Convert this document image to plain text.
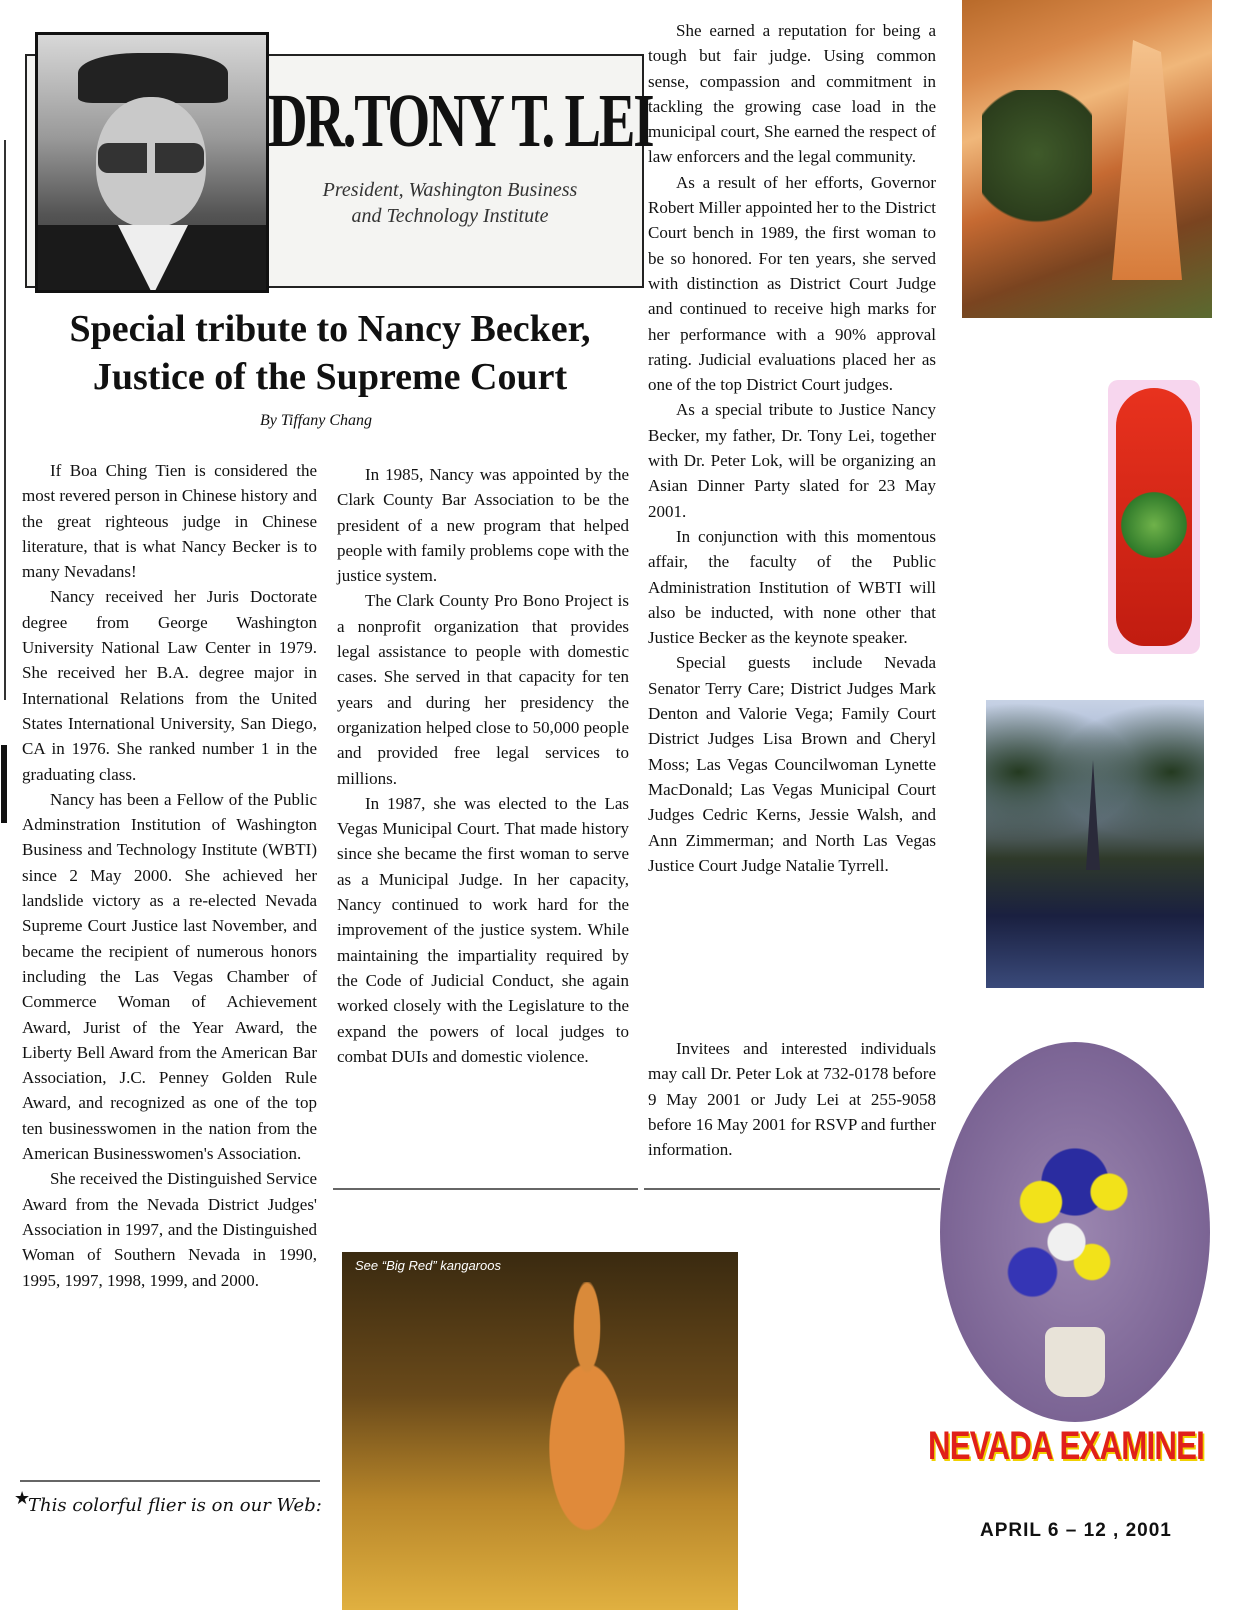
DR.TONY T. LEI
President, Washington Business
and Technology Institute
Special tribute to Nancy Becker,
Justice of the Supreme Court
By Tiffany Chang

If Boa Ching Tien is considered the most revered person in Chinese history and the great righteous judge in Chinese literature, that is what Nancy Becker is to many Nevadans!

Nancy received her Juris Doctorate degree from George Washington University National Law Center in 1979. She received her B.A. degree major in International Relations from the United States International University, San Diego, CA in 1976. She ranked number 1 in the graduating class.

Nancy has been a Fellow of the Public Adminstration Institution of Washington Business and Technology Institute (WBTI) since 2 May 2000. She achieved her landslide victory as a re-elected Nevada Supreme Court Justice last November, and became the recipient of numerous honors including the Las Vegas Chamber of Commerce Woman of Achievement Award, Jurist of the Year Award, the Liberty Bell Award from the American Bar Association, J.C. Penney Golden Rule Award, and recognized as one of the top ten businesswomen in the nation from the American Businesswomen's Association.

She received the Distinguished Service Award from the Nevada District Judges' Association in 1997, and the Distinguished Woman of Southern Nevada in 1990, 1995, 1997, 1998, 1999, and 2000.

In 1985, Nancy was appointed by the Clark County Bar Association to be the president of a new program that helped people with family problems cope with the justice system.

The Clark County Pro Bono Project is a nonprofit organization that provides legal assistance to people with domestic cases. She served in that capacity for ten years and during her presidency the organization helped close to 50,000 people and provided free legal services to millions.

In 1987, she was elected to the Las Vegas Municipal Court. That made history since she became the first woman to serve as a Municipal Judge. In her capacity, Nancy continued to work hard for the improvement of the justice system. While maintaining the impartiality required by the Code of Judicial Conduct, she again worked closely with the Legislature to the expand the powers of local judges to combat DUIs and domestic violence.

She earned a reputation for being a tough but fair judge. Using common sense, compassion and commitment in tackling the growing case load in the municipal court, She earned the respect of law enforcers and the legal community.

As a result of her efforts, Governor Robert Miller appointed her to the District Court bench in 1989, the first woman to be so honored. For ten years, she served with distinction as District Court Judge and continued to receive high marks for her performance with a 90% approval rating. Judicial evaluations placed her as one of the top District Court judges.

As a special tribute to Justice Nancy Becker, my father, Dr. Tony Lei, together with Dr. Peter Lok, will be organizing an Asian Dinner Party slated for 23 May 2001.

In conjunction with this momentous affair, the faculty of the Public Administration Institution of WBTI will also be inducted, with none other that Justice Becker as the keynote speaker.

Special guests include Nevada Senator Terry Care; District Judges Mark Denton and Valorie Vega; Family Court District Judges Lisa Brown and Cheryl Moss; Las Vegas Councilwoman Lynette MacDonald; Las Vegas Municipal Court Judges Cedric Kerns, Jessie Walsh, and Ann Zimmerman; and North Las Vegas Justice Court Judge Natalie Tyrrell.

Invitees and interested individuals may call Dr. Peter Lok at 732-0178 before 9 May 2001 or Judy Lei at 255-9058 before 16 May 2001 for RSVP and further information.

NEVADA EXAMINEI
APRIL 6 – 12 , 2001
See “Big Red” kangaroos
★
This colorful flier is on our Web:
